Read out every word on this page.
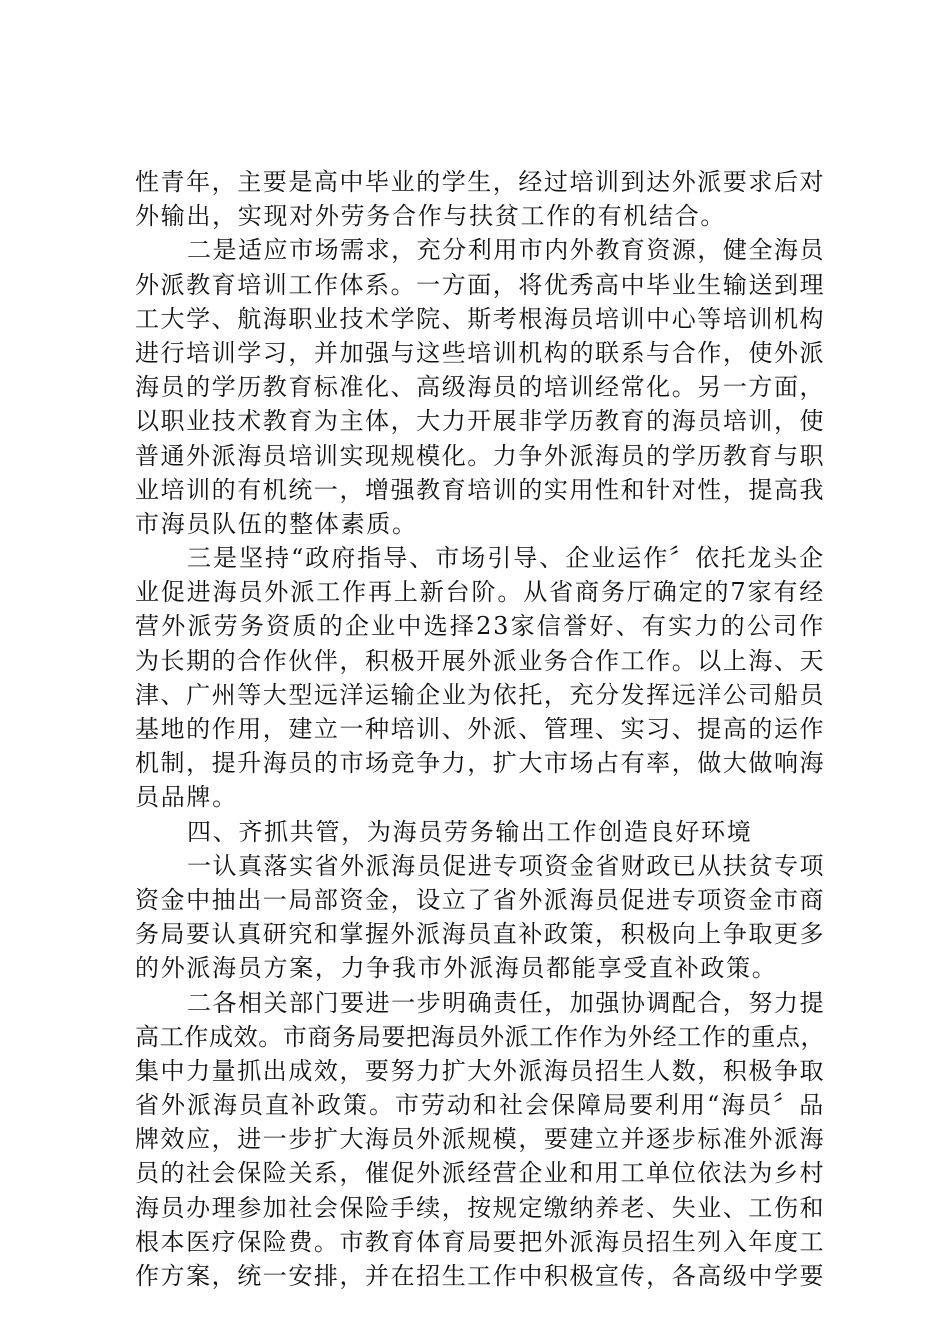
性青年，主要是高中毕业的学生，经过培训到达外派要求后对
外输出，实现对外劳务合作与扶贫工作的有机结合。
二是适应市场需求，充分利用市内外教育资源，健全海员
外派教育培训工作体系。一方面，将优秀高中毕业生输送到理
工大学、航海职业技术学院、斯考根海员培训中心等培训机构
进行培训学习，并加强与这些培训机构的联系与合作，使外派
海员的学历教育标准化、高级海员的培训经常化。另一方面，
以职业技术教育为主体，大力开展非学历教育的海员培训，使
普通外派海员培训实现规模化。力争外派海员的学历教育与职
业培训的有机统一，增强教育培训的实用性和针对性，提高我
市海员队伍的整体素质。
三是坚持“政府指导、市场引导、企业运作〞依托龙头企
业促进海员外派工作再上新台阶。从省商务厅确定的7家有经
营外派劳务资质的企业中选择23家信誉好、有实力的公司作
为长期的合作伙伴，积极开展外派业务合作工作。以上海、天
津、广州等大型远洋运输企业为依托，充分发挥远洋公司船员
基地的作用，建立一种培训、外派、管理、实习、提高的运作
机制，提升海员的市场竞争力，扩大市场占有率，做大做响海
员品牌。
四、齐抓共管，为海员劳务输出工作创造良好环境
一认真落实省外派海员促进专项资金省财政已从扶贫专项
资金中抽出一局部资金，设立了省外派海员促进专项资金市商
务局要认真研究和掌握外派海员直补政策，积极向上争取更多
的外派海员方案，力争我市外派海员都能享受直补政策。
二各相关部门要进一步明确责任，加强协调配合，努力提
高工作成效。市商务局要把海员外派工作作为外经工作的重点，
集中力量抓出成效，要努力扩大外派海员招生人数，积极争取
省外派海员直补政策。市劳动和社会保障局要利用“海员〞品
牌效应，进一步扩大海员外派规模，要建立并逐步标准外派海
员的社会保险关系，催促外派经营企业和用工单位依法为乡村
海员办理参加社会保险手续，按规定缴纳养老、失业、工伤和
根本医疗保险费。市教育体育局要把外派海员招生列入年度工
作方案，统一安排，并在招生工作中积极宣传，各高级中学要
